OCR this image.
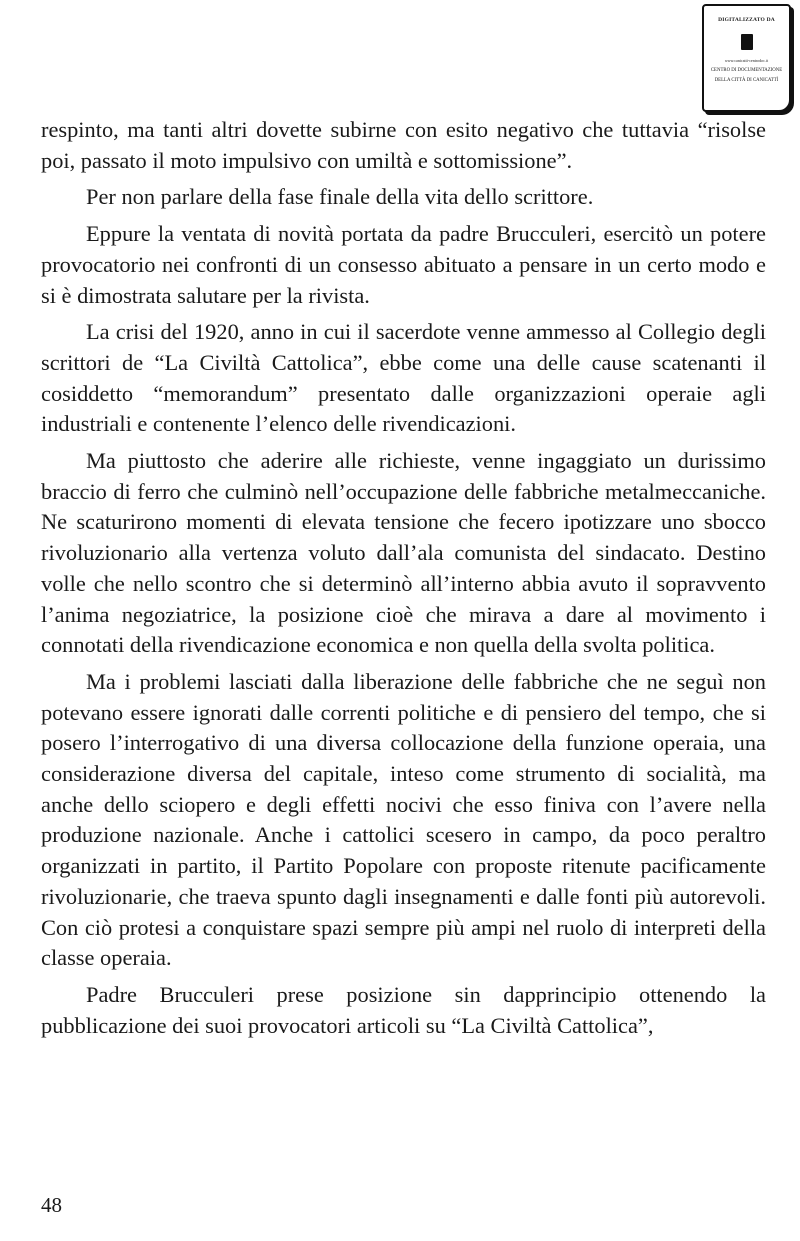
DIGITALIZZATO DA
www.canicatti-centrodoc.it
CENTRO DI DOCUMENTAZIONE
DELLA CITTÀ DI CANICATTÌ

respinto, ma tanti altri dovette subirne con esito negativo che tuttavia “risolse poi, passato il moto impulsivo con umiltà e sottomissione”.

Per non parlare della fase finale della vita dello scrittore.

Eppure la ventata di novità portata da padre Brucculeri, esercitò un potere provocatorio nei confronti di un consesso abituato a pensare in un certo modo e si è dimostrata salutare per la rivista.

La crisi del 1920, anno in cui il sacerdote venne ammesso al Collegio degli scrittori de “La Civiltà Cattolica”, ebbe come una delle cause scatenanti il cosiddetto “memorandum” presentato dalle organizzazioni operaie agli industriali e contenente l’elenco delle rivendicazioni.

Ma piuttosto che aderire alle richieste, venne ingaggiato un durissimo braccio di ferro che culminò nell’occupazione delle fabbriche metalmeccaniche. Ne scaturirono momenti di elevata tensione che fecero ipotizzare uno sbocco rivoluzionario alla vertenza voluto dall’ala comunista del sindacato. Destino volle che nello scontro che si determinò all’interno abbia avuto il sopravvento l’anima negoziatrice, la posizione cioè che mirava a dare al movimento i connotati della rivendicazione economica e non quella della svolta politica.

Ma i problemi lasciati dalla liberazione delle fabbriche che ne seguì non potevano essere ignorati dalle correnti politiche e di pensiero del tempo, che si posero l’interrogativo di una diversa collocazione della funzione operaia, una considerazione diversa del capitale, inteso come strumento di socialità, ma anche dello sciopero e degli effetti nocivi che esso finiva con l’avere nella produzione nazionale. Anche i cattolici scesero in campo, da poco peraltro organizzati in partito, il Partito Popolare con proposte ritenute pacificamente rivoluzionarie, che traeva spunto dagli insegnamenti e dalle fonti più autorevoli. Con ciò protesi a conquistare spazi sempre più ampi nel ruolo di interpreti della classe operaia.

Padre Brucculeri prese posizione sin dapprincipio ottenendo la pubblicazione dei suoi provocatori articoli su “La Civiltà Cattolica”,

48
